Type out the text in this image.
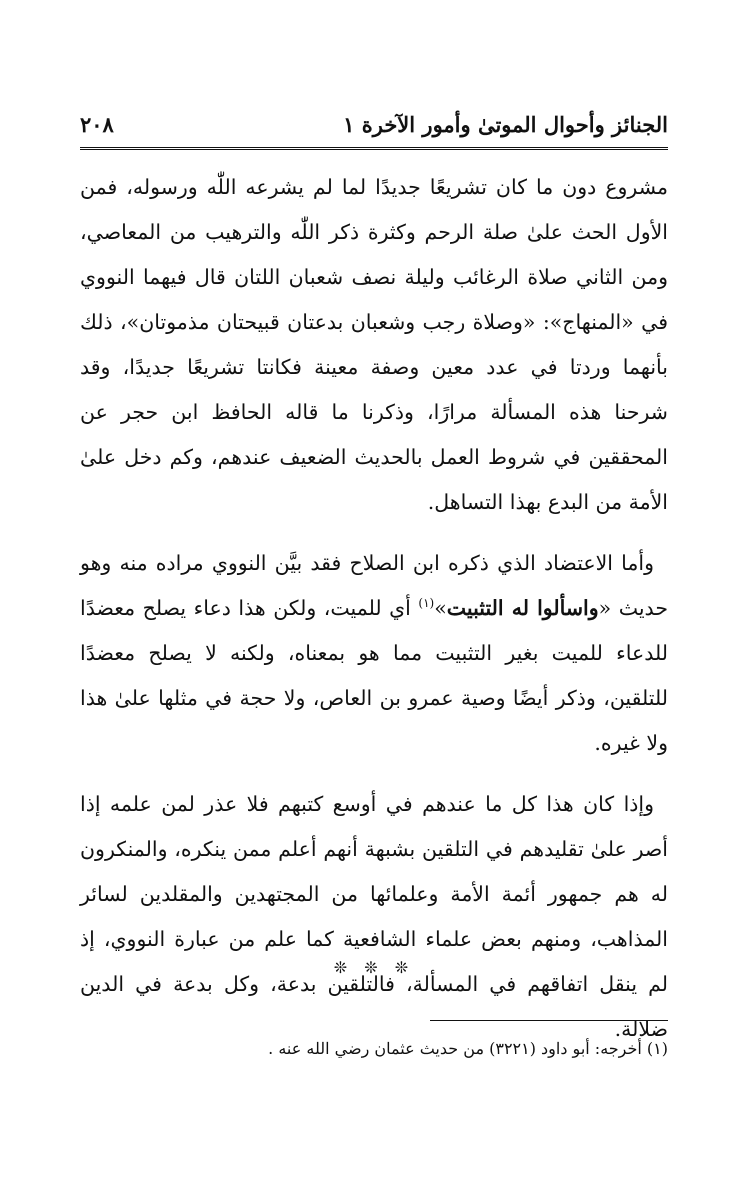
الجنائز وأحوال الموتىٰ وأمور الآخرة ١
٢٠٨

مشروع دون ما كان تشريعًا جديدًا لما لم يشرعه اللّٰه ورسوله، فمن الأول الحث علىٰ صلة الرحم وكثرة ذكر اللّٰه والترهيب من المعاصي، ومن الثاني صلاة الرغائب وليلة نصف شعبان اللتان قال فيهما النووي في «المنهاج»: «وصلاة رجب وشعبان بدعتان قبيحتان مذموتان»، ذلك بأنهما وردتا في عدد معين وصفة معينة فكانتا تشريعًا جديدًا، وقد شرحنا هذه المسألة مرارًا، وذكرنا ما قاله الحافظ ابن حجر عن المحققين في شروط العمل بالحديث الضعيف عندهم، وكم دخل علىٰ الأمة من البدع بهذا التساهل.

وأما الاعتضاد الذي ذكره ابن الصلاح فقد بيَّن النووي مراده منه وهو حديث «واسألوا له التثبيت»$^{(١)}$ أي للميت، ولكن هذا دعاء يصلح معضدًا للدعاء للميت بغير التثبيت مما هو بمعناه، ولكنه لا يصلح معضدًا للتلقين، وذكر أيضًا وصية عمرو بن العاص، ولا حجة في مثلها علىٰ هذا ولا غيره.

وإذا كان هذا كل ما عندهم في أوسع كتبهم فلا عذر لمن علمه إذا أصر علىٰ تقليدهم في التلقين بشبهة أنهم أعلم ممن ينكره، والمنكرون له هم جمهور أئمة الأمة وعلمائها من المجتهدين والمقلدين لسائر المذاهب، ومنهم بعض علماء الشافعية كما علم من عبارة النووي، إذ لم ينقل اتفاقهم في المسألة، فالتلقين بدعة، وكل بدعة في الدين ضلالة.

❊ ❊ ❊
(١) أخرجه: أبو داود (٣٢٢١) من حديث عثمان رضي الله عنه .
